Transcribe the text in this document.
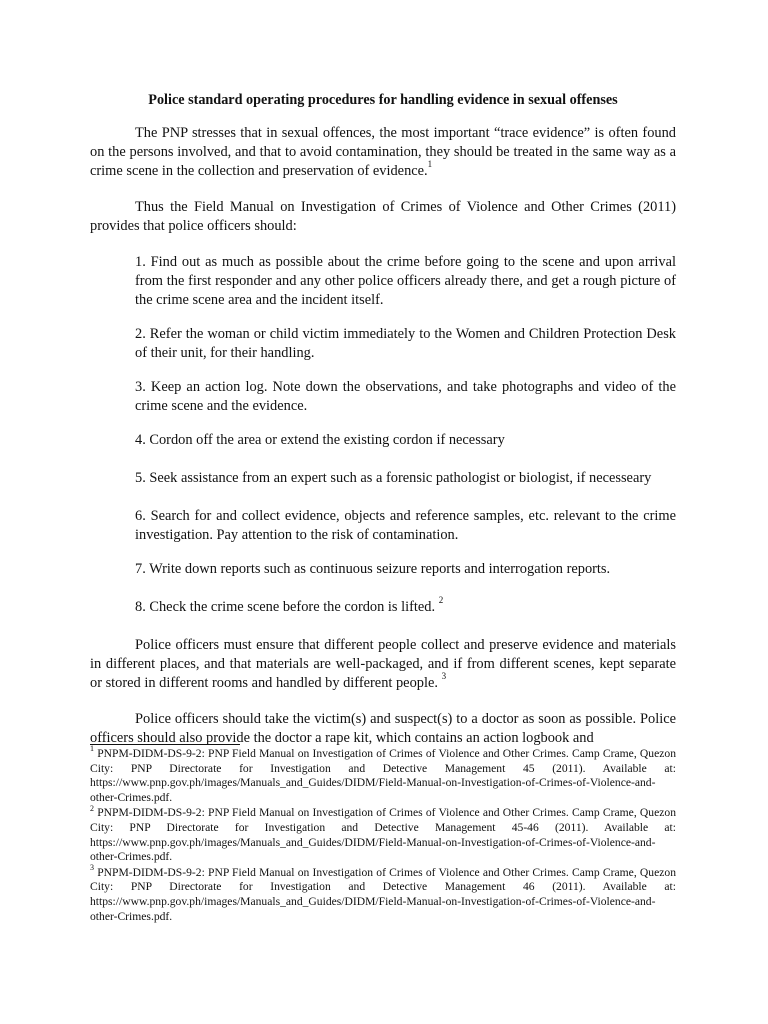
Police standard operating procedures for handling evidence in sexual offenses

The PNP stresses that in sexual offences, the most important “trace evidence” is often found on the persons involved, and that to avoid contamination, they should be treated in the same way as a crime scene in the collection and preservation of evidence.$^1$

Thus the Field Manual on Investigation of Crimes of Violence and Other Crimes (2011) provides that police officers should:

1. Find out as much as possible about the crime before going to the scene and upon arrival from the first responder and any other police officers already there, and get a rough picture of the crime scene area and the incident itself.
2. Refer the woman or child victim immediately to the Women and Children Protection Desk of their unit, for their handling.
3. Keep an action log. Note down the observations, and take photographs and video of the crime scene and the evidence.
4. Cordon off the area or extend the existing cordon if necessary
5. Seek assistance from an expert such as a forensic pathologist or biologist, if necesseary
6. Search for and collect evidence, objects and reference samples, etc. relevant to the crime investigation. Pay attention to the risk of contamination.
7. Write down reports such as continuous seizure reports and interrogation reports.
8. Check the crime scene before the cordon is lifted. $^2$

Police officers must ensure that different people collect and preserve evidence and materials in different places, and that materials are well-packaged, and if from different scenes, kept separate or stored in different rooms and handled by different people. $^3$

Police officers should take the victim(s) and suspect(s) to a doctor as soon as possible. Police officers should also provide the doctor a rape kit, which contains an action logbook and

$^1$ PNPM-DIDM-DS-9-2: PNP Field Manual on Investigation of Crimes of Violence and Other Crimes. Camp Crame, Quezon City: PNP Directorate for Investigation and Detective Management 45 (2011). Available at: https://www.pnp.gov.ph/images/Manuals_and_Guides/DIDM/Field-Manual-on-Investigation-of-Crimes-of-Violence-and-other-Crimes.pdf.
$^2$ PNPM-DIDM-DS-9-2: PNP Field Manual on Investigation of Crimes of Violence and Other Crimes. Camp Crame, Quezon City: PNP Directorate for Investigation and Detective Management 45-46 (2011). Available at: https://www.pnp.gov.ph/images/Manuals_and_Guides/DIDM/Field-Manual-on-Investigation-of-Crimes-of-Violence-and-other-Crimes.pdf.
$^3$ PNPM-DIDM-DS-9-2: PNP Field Manual on Investigation of Crimes of Violence and Other Crimes. Camp Crame, Quezon City: PNP Directorate for Investigation and Detective Management 46 (2011). Available at: https://www.pnp.gov.ph/images/Manuals_and_Guides/DIDM/Field-Manual-on-Investigation-of-Crimes-of-Violence-and-other-Crimes.pdf.
